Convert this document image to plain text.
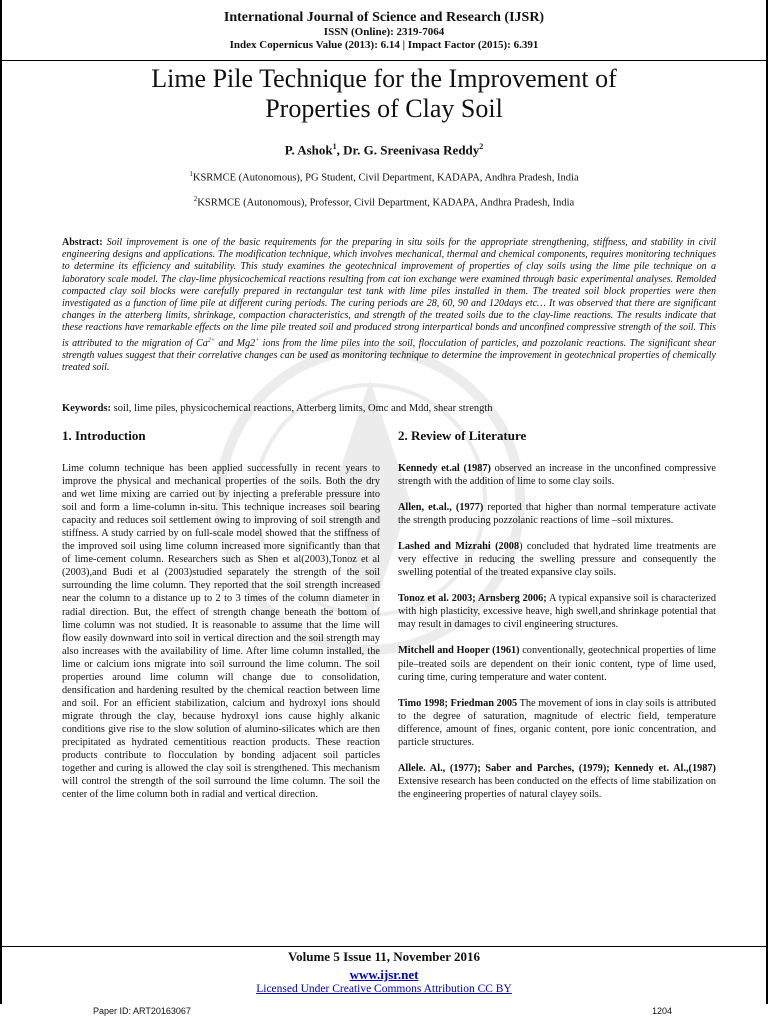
International Journal of Science and Research (IJSR)
ISSN (Online): 2319-7064
Index Copernicus Value (2013): 6.14 | Impact Factor (2015): 6.391
Lime Pile Technique for the Improvement of
Properties of Clay Soil
P. Ashok$^1$, Dr. G. Sreenivasa Reddy$^2$
$^1$KSRMCE (Autonomous), PG Student, Civil Department, KADAPA, Andhra Pradesh, India
$^2$KSRMCE (Autonomous), Professor, Civil Department, KADAPA, Andhra Pradesh, India
Abstract: Soil improvement is one of the basic requirements for the preparing in situ soils for the appropriate strengthening, stiffness, and stability in civil engineering designs and applications. The modification technique, which involves mechanical, thermal and chemical components, requires monitoring techniques to determine its efficiency and suitability. This study examines the geotechnical improvement of properties of clay soils using the lime pile technique on a laboratory scale model. The clay-lime physicochemical reactions resulting from cat ion exchange were examined through basic experimental analyses. Remolded compacted clay soil blocks were carefully prepared in rectangular test tank with lime piles installed in them. The treated soil block properties were then investigated as a function of lime pile at different curing periods. The curing periods are 28, 60, 90 and 120days etc… It was observed that there are significant changes in the atterberg limits, shrinkage, compaction characteristics, and strength of the treated soils due to the clay-lime reactions. The results indicate that these reactions have remarkable effects on the lime pile treated soil and produced strong interpartical bonds and unconfined compressive strength of the soil. This is attributed to the migration of $Ca^{2+}$ and Mg2+ ions from the lime piles into the soil, flocculation of particles, and pozzolanic reactions. The significant shear strength values suggest that their correlative changes can be used as monitoring technique to determine the improvement in geotechnical properties of chemically treated soil.
Keywords: soil, lime piles, physicochemical reactions, Atterberg limits, Omc and Mdd, shear strength
1. Introduction
Lime column technique has been applied successfully in recent years to improve the physical and mechanical properties of the soils. Both the dry and wet lime mixing are carried out by injecting a preferable pressure into soil and form a lime-column in-situ. This technique increases soil bearing capacity and reduces soil settlement owing to improving of soil strength and stiffness. A study carried by on full-scale model showed that the stiffness of the improved soil using lime column increased more significantly than that of lime-cement column. Researchers such as Shen et al(2003),Tonoz et al (2003),and Budi et al (2003)studied separately the strength of the soil surrounding the lime column. They reported that the soil strength increased near the column to a distance up to 2 to 3 times of the column diameter in radial direction. But, the effect of strength change beneath the bottom of lime column was not studied. It is reasonable to assume that the lime will flow easily downward into soil in vertical direction and the soil strength may also increases with the availability of lime. After lime column installed, the lime or calcium ions migrate into soil surround the lime column. The soil properties around lime column will change due to consolidation, densification and hardening resulted by the chemical reaction between lime and soil. For an efficient stabilization, calcium and hydroxyl ions should migrate through the clay, because hydroxyl ions cause highly alkanic conditions give rise to the slow solution of alumino-silicates which are then precipitated as hydrated cementitious reaction products. These reaction products contribute to flocculation by bonding adjacent soil particles together and curing is allowed the clay soil is strengthened. This mechanism will control the strength of the soil surround the lime column. The soil the center of the lime column both in radial and vertical direction.
2. Review of Literature
Kennedy et.al (1987) observed an increase in the unconfined compressive strength with the addition of lime to some clay soils.
Allen, et.al., (1977) reported that higher than normal temperature activate the strength producing pozzolanic reactions of lime –soil mixtures.
Lashed and Mizrahi (2008) concluded that hydrated lime treatments are very effective in reducing the swelling pressure and consequently the swelling potential of the treated expansive clay soils.
Tonoz et al. 2003; Arnsberg 2006; A typical expansive soil is characterized with high plasticity, excessive heave, high swell,and shrinkage potential that may result in damages to civil engineering structures.
Mitchell and Hooper (1961) conventionally, geotechnical properties of lime pile–treated soils are dependent on their ionic content, type of lime used, curing time, curing temperature and water content.
Timo 1998; Friedman 2005 The movement of ions in clay soils is attributed to the degree of saturation, magnitude of electric field, temperature difference, amount of fines, organic content, pore ionic concentration, and particle structures.
Allele. Al., (1977); Saber and Parches, (1979); Kennedy et. Al.,(1987) Extensive research has been conducted on the effects of lime stabilization on the engineering properties of natural clayey soils.
Volume 5 Issue 11, November 2016
www.ijsr.net
Licensed Under Creative Commons Attribution CC BY
Paper ID: ART20163067	1204
